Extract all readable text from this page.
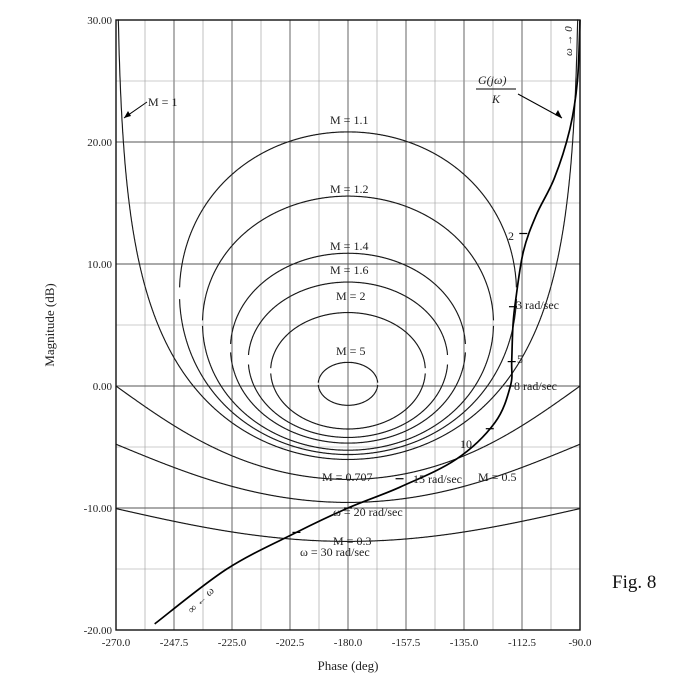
-270.0	-247.5	-225.0	-202.5	-180.0	-157.5	-135.0	-112.5	-90.0
30.00
20.00
10.00
0.00
-10.00
-20.00
M = 0.3
M = 0.5
M = 0.707
M = 1
M = 1.1
M = 1.2
M = 1.4
M = 1.6
M = 2
M = 5
2
3 rad/sec
5
8 rad/sec
10
15 rad/sec
ω = 20 rad/sec
ω = 30 rad/sec
G(jω)
K
ω → 0
∞ ← ω
Phase (deg)
Magnitude (dB)
Fig. 8
